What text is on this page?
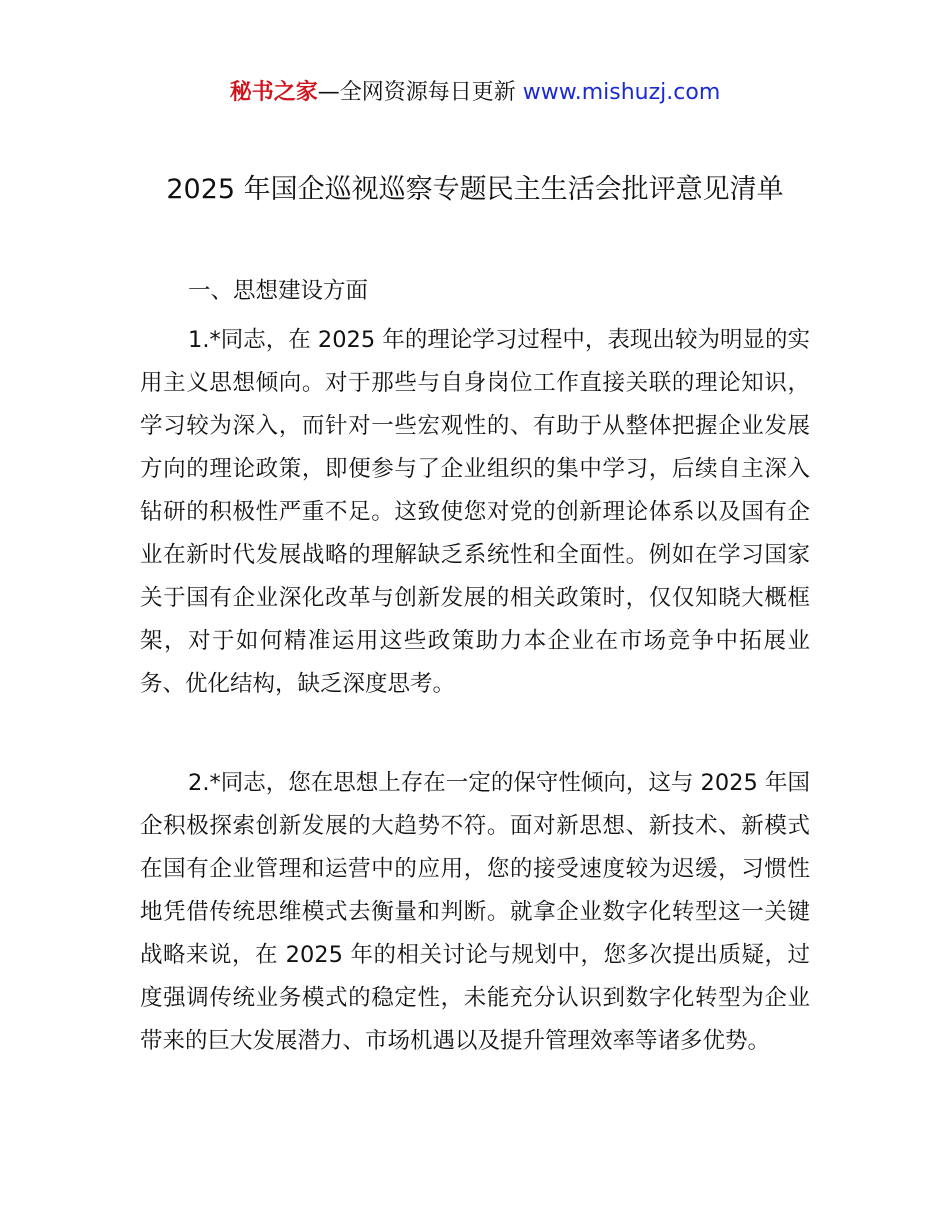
秘书之家—全网资源每日更新 www.mishuzj.com
2025 年国企巡视巡察专题民主生活会批评意见清单
一、思想建设方面
1.*同志，在 2025 年的理论学习过程中，表现出较为明显的实用主义思想倾向。对于那些与自身岗位工作直接关联的理论知识，学习较为深入，而针对一些宏观性的、有助于从整体把握企业发展方向的理论政策，即便参与了企业组织的集中学习，后续自主深入钻研的积极性严重不足。这致使您对党的创新理论体系以及国有企业在新时代发展战略的理解缺乏系统性和全面性。例如在学习国家关于国有企业深化改革与创新发展的相关政策时，仅仅知晓大概框架，对于如何精准运用这些政策助力本企业在市场竞争中拓展业务、优化结构，缺乏深度思考。
2.*同志，您在思想上存在一定的保守性倾向，这与 2025 年国企积极探索创新发展的大趋势不符。面对新思想、新技术、新模式在国有企业管理和运营中的应用，您的接受速度较为迟缓，习惯性地凭借传统思维模式去衡量和判断。就拿企业数字化转型这一关键战略来说，在 2025 年的相关讨论与规划中，您多次提出质疑，过度强调传统业务模式的稳定性，未能充分认识到数字化转型为企业带来的巨大发展潜力、市场机遇以及提升管理效率等诸多优势。
